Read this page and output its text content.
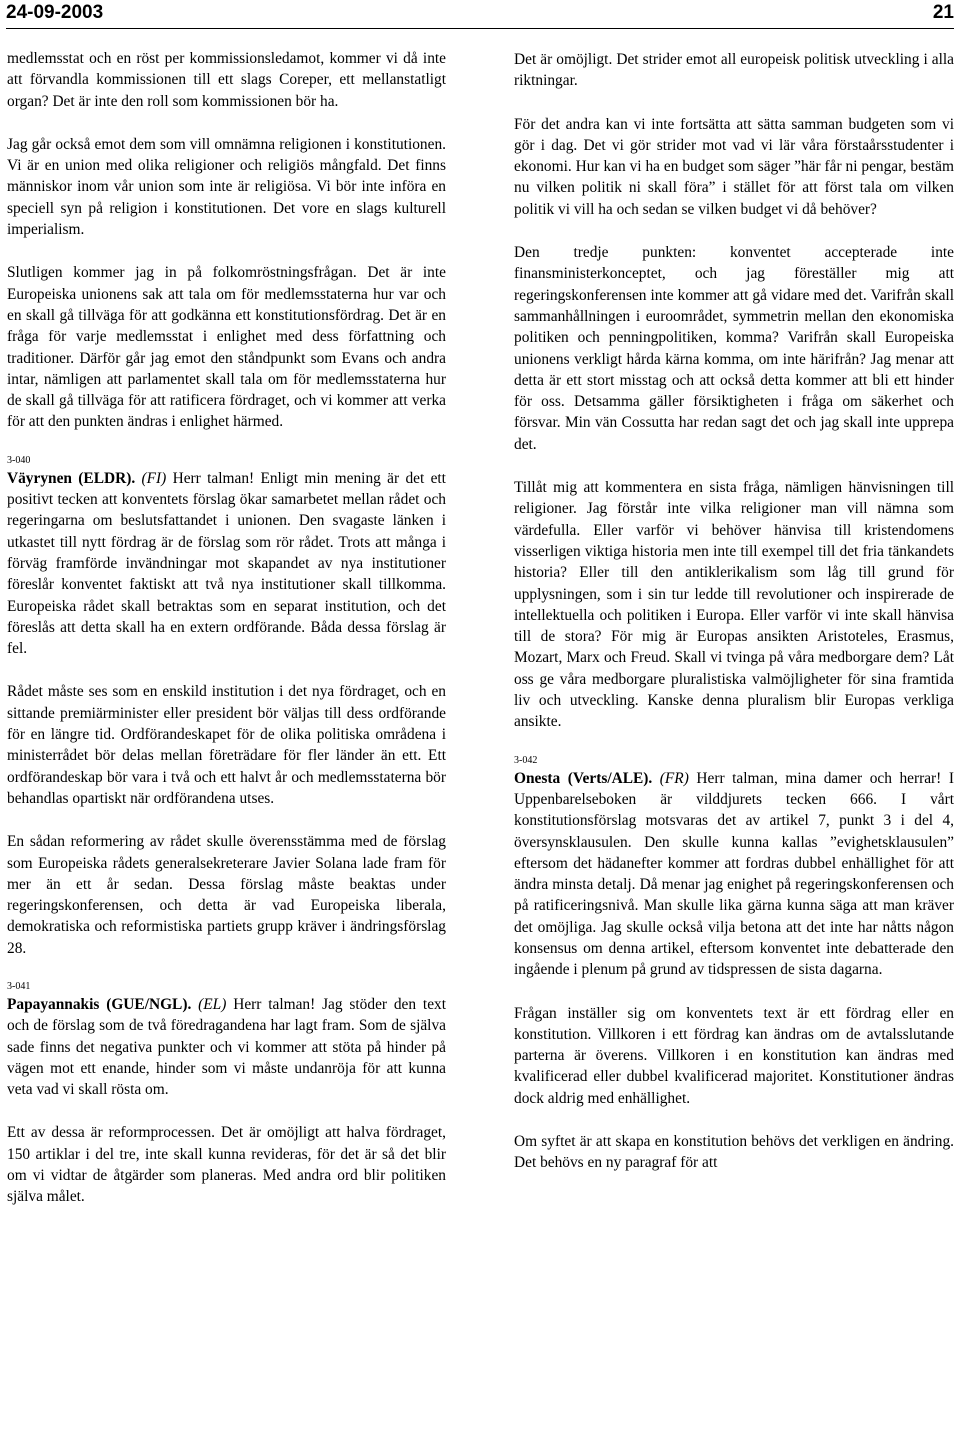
24-09-2003	21

medlemsstat och en röst per kommissionsledamot, kommer vi då inte att förvandla kommissionen till ett slags Coreper, ett mellanstatligt organ? Det är inte den roll som kommissionen bör ha.

Jag går också emot dem som vill omnämna religionen i konstitutionen. Vi är en union med olika religioner och religiös mångfald. Det finns människor inom vår union som inte är religiösa. Vi bör inte införa en speciell syn på religion i konstitutionen. Det vore en slags kulturell imperialism.

Slutligen kommer jag in på folkomröstningsfrågan. Det är inte Europeiska unionens sak att tala om för medlemsstaterna hur var och en skall gå tillväga för att godkänna ett konstitutionsfördrag. Det är en fråga för varje medlemsstat i enlighet med dess författning och traditioner. Därför går jag emot den ståndpunkt som Evans och andra intar, nämligen att parlamentet skall tala om för medlemsstaterna hur de skall gå tillväga för att ratificera fördraget, och vi kommer att verka för att den punkten ändras i enlighet härmed.

3-040

Väyrynen (ELDR). (FI) Herr talman! Enligt min mening är det ett positivt tecken att konventets förslag ökar samarbetet mellan rådet och regeringarna om beslutsfattandet i unionen. Den svagaste länken i utkastet till nytt fördrag är de förslag som rör rådet. Trots att många i förväg framförde invändningar mot skapandet av nya institutioner föreslår konventet faktiskt att två nya institutioner skall tillkomma. Europeiska rådet skall betraktas som en separat institution, och det föreslås att detta skall ha en extern ordförande. Båda dessa förslag är fel.

Rådet måste ses som en enskild institution i det nya fördraget, och en sittande premiärminister eller president bör väljas till dess ordförande för en längre tid. Ordförandeskapet för de olika politiska områdena i ministerrådet bör delas mellan företrädare för fler länder än ett. Ett ordförandeskap bör vara i två och ett halvt år och medlemsstaterna bör behandlas opartiskt när ordförandena utses.

En sådan reformering av rådet skulle överensstämma med de förslag som Europeiska rådets generalsekreterare Javier Solana lade fram för mer än ett år sedan. Dessa förslag måste beaktas under regeringskonferensen, och detta är vad Europeiska liberala, demokratiska och reformistiska partiets grupp kräver i ändringsförslag 28.

3-041

Papayannakis (GUE/NGL). (EL) Herr talman! Jag stöder den text och de förslag som de två föredragandena har lagt fram. Som de själva sade finns det negativa punkter och vi kommer att stöta på hinder på vägen mot ett enande, hinder som vi måste undanröja för att kunna veta vad vi skall rösta om.

Ett av dessa är reformprocessen. Det är omöjligt att halva fördraget, 150 artiklar i del tre, inte skall kunna revideras, för det är så det blir om vi vidtar de åtgärder som planeras. Med andra ord blir politiken själva målet.

Det är omöjligt. Det strider emot all europeisk politisk utveckling i alla riktningar.

För det andra kan vi inte fortsätta att sätta samman budgeten som vi gör i dag. Det vi gör strider mot vad vi lär våra förstaårsstudenter i ekonomi. Hur kan vi ha en budget som säger ”här får ni pengar, bestäm nu vilken politik ni skall föra” i stället för att först tala om vilken politik vi vill ha och sedan se vilken budget vi då behöver?

Den tredje punkten: konventet accepterade inte finansministerkonceptet, och jag föreställer mig att regeringskonferensen inte kommer att gå vidare med det. Varifrån skall sammanhållningen i euroområdet, symmetrin mellan den ekonomiska politiken och penningpolitiken, komma? Varifrån skall Europeiska unionens verkligt hårda kärna komma, om inte härifrån? Jag menar att detta är ett stort misstag och att också detta kommer att bli ett hinder för oss. Detsamma gäller försiktigheten i fråga om säkerhet och försvar. Min vän Cossutta har redan sagt det och jag skall inte upprepa det.

Tillåt mig att kommentera en sista fråga, nämligen hänvisningen till religioner. Jag förstår inte vilka religioner man vill nämna som värdefulla. Eller varför vi behöver hänvisa till kristendomens visserligen viktiga historia men inte till exempel till det fria tänkandets historia? Eller till den antiklerikalism som låg till grund för upplysningen, som i sin tur ledde till revolutioner och inspirerade de intellektuella och politiken i Europa. Eller varför vi inte skall hänvisa till de stora? För mig är Europas ansikten Aristoteles, Erasmus, Mozart, Marx och Freud. Skall vi tvinga på våra medborgare dem? Låt oss ge våra medborgare pluralistiska valmöjligheter för sina framtida liv och utveckling. Kanske denna pluralism blir Europas verkliga ansikte.

3-042

Onesta (Verts/ALE). (FR) Herr talman, mina damer och herrar! I Uppenbarelseboken är vilddjurets tecken 666. I vårt konstitutionsförslag motsvaras det av artikel 7, punkt 3 i del 4, översynsklausulen. Den skulle kunna kallas ”evighetsklausulen” eftersom det hädanefter kommer att fordras dubbel enhällighet för att ändra minsta detalj. Då menar jag enighet på regeringskonferensen och på ratificeringsnivå. Man skulle lika gärna kunna säga att man kräver det omöjliga. Jag skulle också vilja betona att det inte har nåtts någon konsensus om denna artikel, eftersom konventet inte debatterade den ingående i plenum på grund av tidspressen de sista dagarna.

Frågan inställer sig om konventets text är ett fördrag eller en konstitution. Villkoren i ett fördrag kan ändras om de avtalsslutande parterna är överens. Villkoren i en konstitution kan ändras med kvalificerad eller dubbel kvalificerad majoritet. Konstitutioner ändras dock aldrig med enhällighet.

Om syftet är att skapa en konstitution behövs det verkligen en ändring. Det behövs en ny paragraf för att
